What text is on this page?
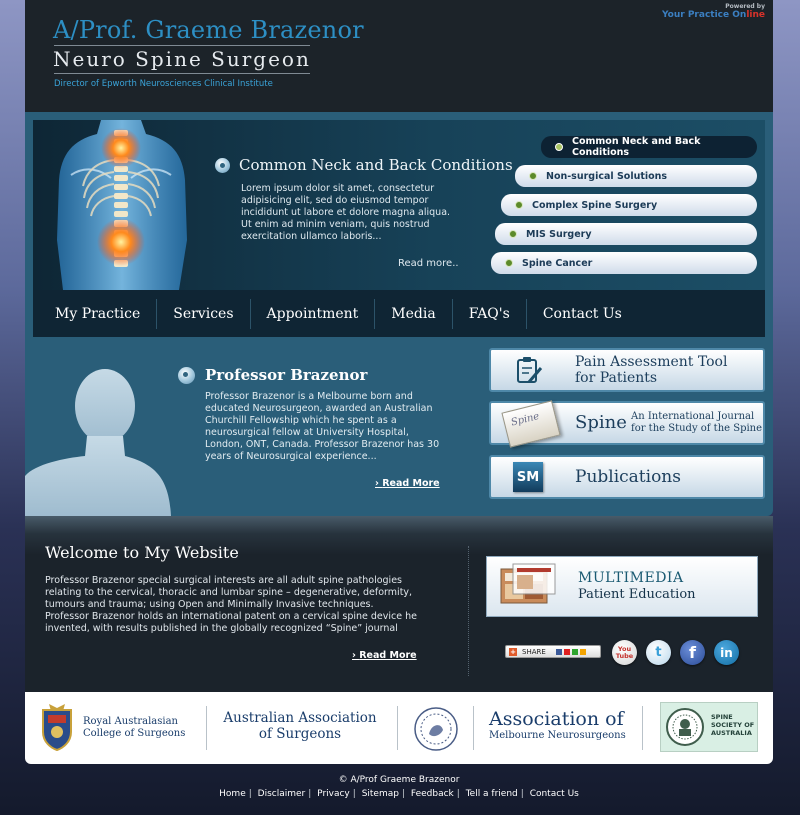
A/Prof. Graeme Brazenor
Neuro Spine Surgeon
Director of Epworth Neurosciences Clinical Institute
Powered by
Your Practice Online
Common Neck and Back Conditions
Lorem ipsum dolor sit amet, consectetur adipisicing elit, sed do eiusmod tempor incididunt ut labore et dolore magna aliqua. Ut enim ad minim veniam, quis nostrud exercitation ullamco laboris...
Read more..
Common Neck and Back Conditions
Non-surgical Solutions
Complex Spine Surgery
MIS Surgery
Spine Cancer
My Practice	Services	Appointment	Media	FAQ's	Contact Us
Professor Brazenor
Professor Brazenor is a Melbourne born and educated Neurosurgeon, awarded an Australian Churchill Fellowship which he spent as a neurosurgical fellow at University Hospital, London, ONT, Canada. Professor Brazenor has 30 years of Neurosurgical experience...
› Read More
Pain Assessment Tool
for Patients
Spine Spine An International Journal
for the Study of the Spine
SM Publications
Welcome to My Website
Professor Brazenor special surgical interests are all adult spine pathologies relating to the cervical, thoracic and lumbar spine – degenerative, deformity, tumours and trauma; using Open and Minimally Invasive techniques. Professor Brazenor holds an international patent on a cervical spine device he invented, with results published in the globally recognized “Spine” journal
› Read More
MULTIMEDIA
Patient Education
+ SHARE	You Tube t f in
Royal Australasian
College of Surgeons
Australian Association
of Surgeons
Association of
Melbourne Neurosurgeons
SPINE
SOCIETY OF
AUSTRALIA
© A/Prof Graeme Brazenor
Home | Disclaimer | Privacy | Sitemap | Feedback | Tell a friend | Contact Us
